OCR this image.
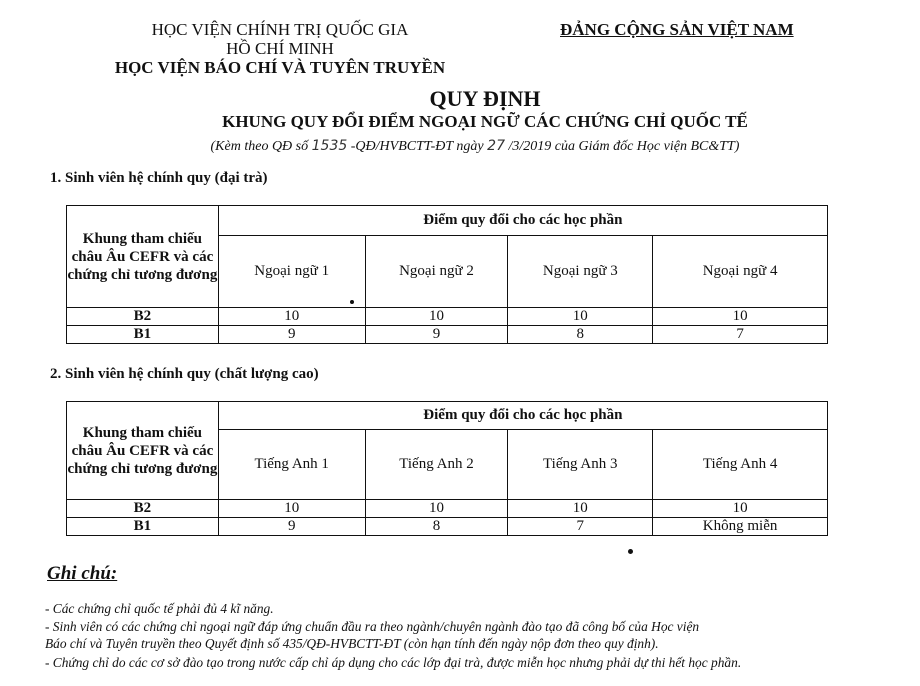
HỌC VIỆN CHÍNH TRỊ QUỐC GIA
HỒ CHÍ MINH
HỌC VIỆN BÁO CHÍ VÀ TUYÊN TRUYỀN
ĐẢNG CỘNG SẢN VIỆT NAM
QUY ĐỊNH
KHUNG QUY ĐỔI ĐIỂM NGOẠI NGỮ CÁC CHỨNG CHỈ QUỐC TẾ
(Kèm theo QĐ số 1535 -QĐ/HVBCTT-ĐT ngày 27 /3/2019 của Giám đốc Học viện BC&TT)
1. Sinh viên hệ chính quy (đại trà)
Khung tham chiếu châu Âu CEFR và các chứng chỉ tương đương	Điểm quy đổi cho các học phần			
	Ngoại ngữ 1	Ngoại ngữ 2	Ngoại ngữ 3	Ngoại ngữ 4
B2	10	10	10	10
B1	9	9	8	7
2. Sinh viên hệ chính quy (chất lượng cao)
Khung tham chiếu châu Âu CEFR và các chứng chỉ tương đương	Điểm quy đổi cho các học phần			
	Tiếng Anh 1	Tiếng Anh 2	Tiếng Anh 3	Tiếng Anh 4
B2	10	10	10	10
B1	9	8	7	Không miễn
Ghi chú:
- Các chứng chỉ quốc tế phải đủ 4 kĩ năng.
- Sinh viên có các chứng chỉ ngoại ngữ đáp ứng chuẩn đầu ra theo ngành/chuyên ngành đào tạo đã công bố của Học viện
Báo chí và Tuyên truyền theo Quyết định số 435/QĐ-HVBCTT-ĐT (còn hạn tính đến ngày nộp đơn theo quy định).
- Chứng chỉ do các cơ sở đào tạo trong nước cấp chỉ áp dụng cho các lớp đại trà, được miễn học nhưng phải dự thi hết học phần.
